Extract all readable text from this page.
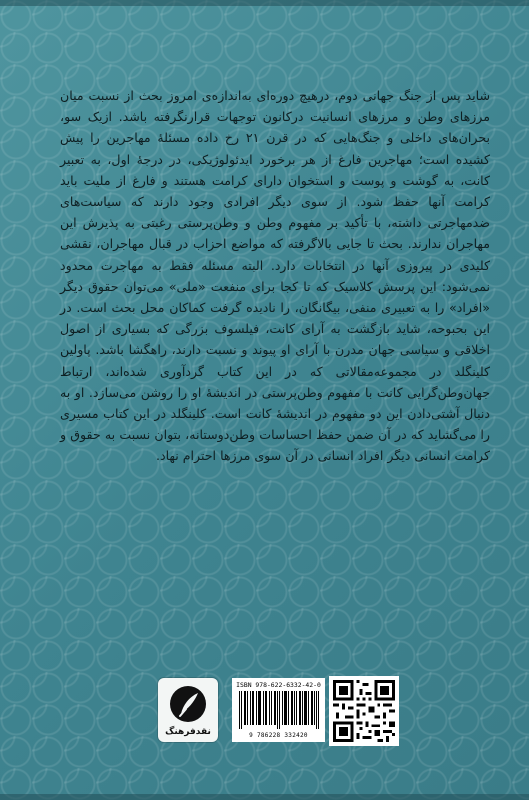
شاید پس از جنگ جهانی دوم، درهیچ دوره‌ای به‌اندازه‌ی امروز بحث از نسبت میان مرزهای وطن و مرزهای انسانیت درکانون توجهات قرارنگرفته باشد. ازیک سو، بحران‌های داخلی و جنگ‌هایی که در قرن ۲۱ رخ داده مسئلهٔ مهاجرین را پیش کشیده است؛ مهاجرین فارغ از هر برخورد ایدئولوژیکی، در درجهٔ اول، به تعبیر کانت، به گوشت و پوست و استخوان دارای کرامت هستند و فارغ از ملیت باید کرامت آنها حفظ شود. از سوی دیگر افرادی وجود دارند که سیاست‌های ضدمهاجرتی داشته، با تأکید بر مفهوم وطن و وطن‌پرستی رغبتی به پذیرش این مهاجران ندارند. بحث تا جایی بالاگرفته که مواضع احزاب در قبال مهاجران، نقشی کلیدی در پیروزی آنها در انتخابات دارد. البته مسئله فقط به مهاجرت محدود نمی‌شود: این پرسش کلاسیک که تا کجا برای منفعت «ملی» می‌توان حقوق دیگر «افراد» را به تعبیری منفی، بیگانگان، را نادیده گرفت کماکان محل بحث است. در این بحبوحه، شاید بازگشت به آرای کانت، فیلسوف بزرگی که بسیاری از اصول اخلاقی و سیاسی جهان مدرن با آرای او پیوند و نسبت دارند، راهگشا باشد. پاولین کلینگلد در مجموعه‌مقالاتی که در این کتاب گردآوری شده‌اند، ارتباط جهان‌وطن‌گرایی کانت با مفهوم وطن‌پرستی در اندیشهٔ او را روشن می‌سازد. او به دنبال آشتی‌دادن این دو مفهوم در اندیشهٔ کانت است. کلینگلد در این کتاب مسیری را می‌گشاید که در آن ضمن حفظ احساسات وطن‌دوستانه، بتوان نسبت به حقوق و کرامت انسانی دیگر افراد انسانی در آن سوی مرزها احترام نهاد.

نقدفرهنگ
ISBN 978-622-6332-42-0
9 786228 332420
